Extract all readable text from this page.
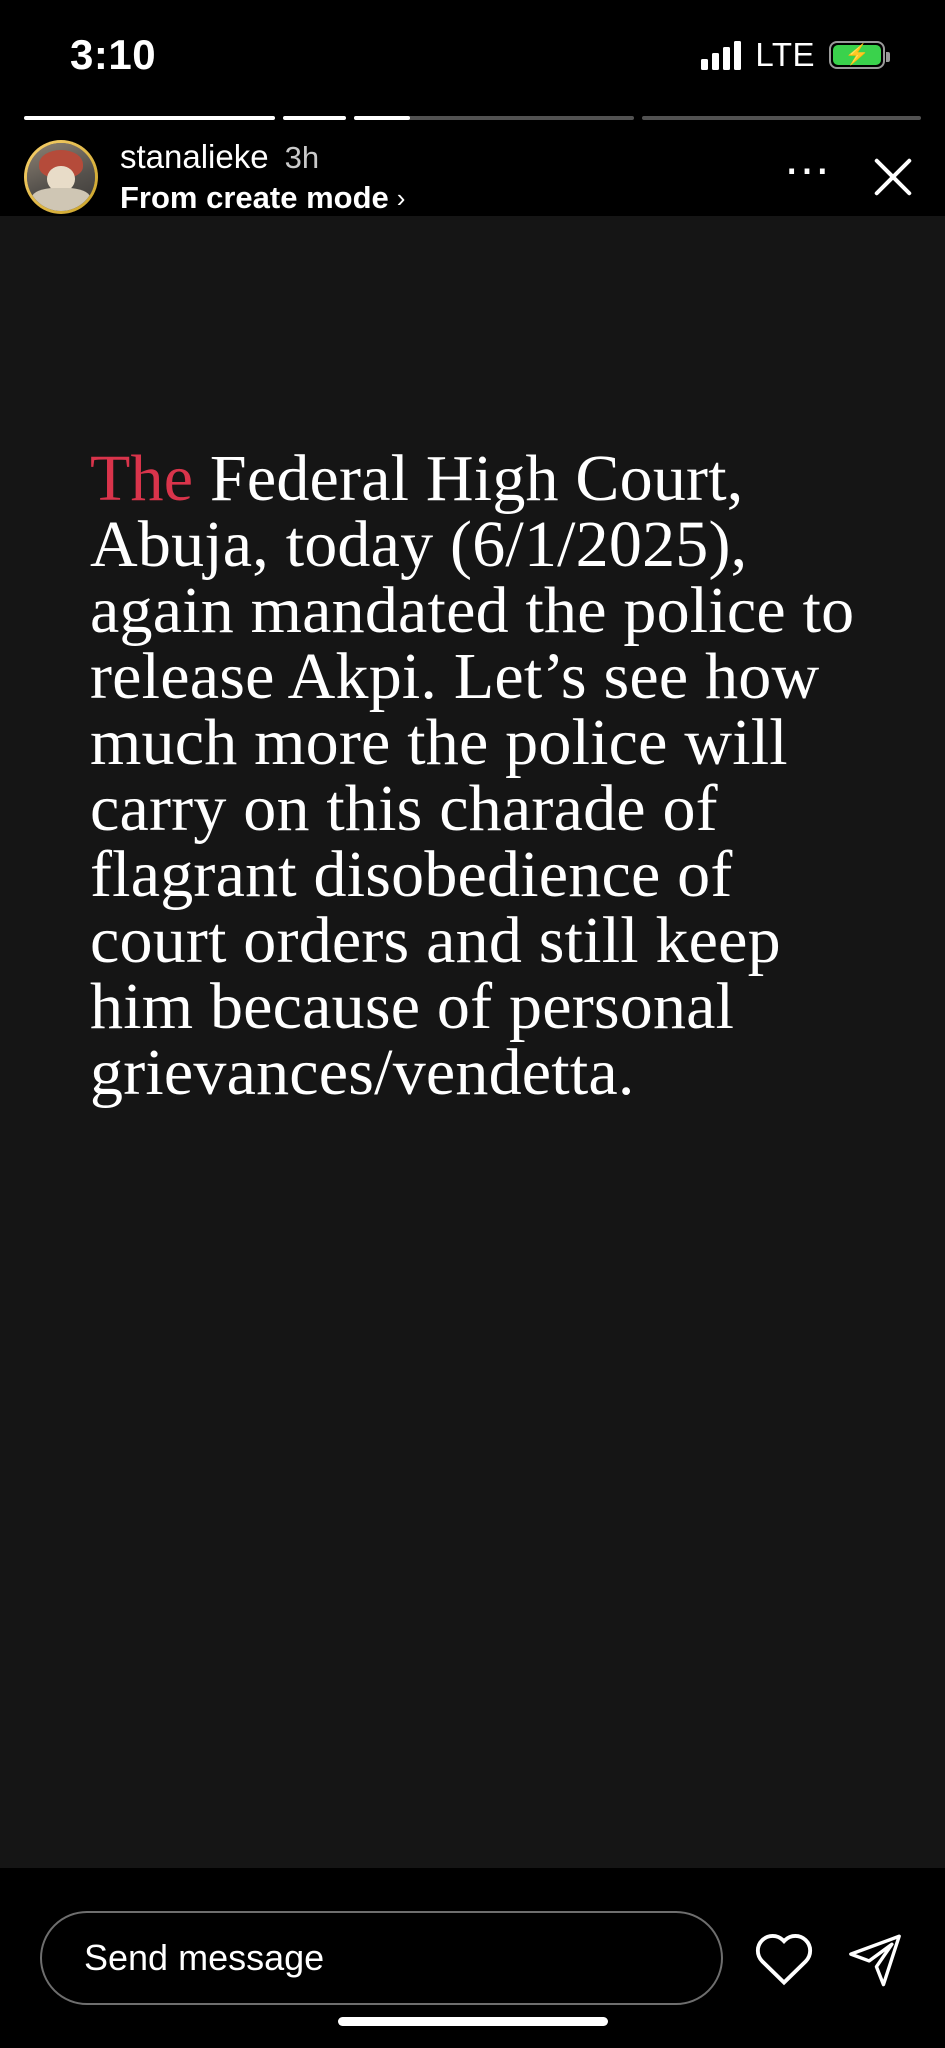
3:10	LTE ⚡
stanalieke 3h
From create mode ›
⋯
The Federal High Court, Abuja, today (6/1/2025), again mandated the police to release Akpi. Let’s see how much more the police will carry on this charade of flagrant disobedience of court orders and still keep him because of personal grievances/vendetta.
Send message
